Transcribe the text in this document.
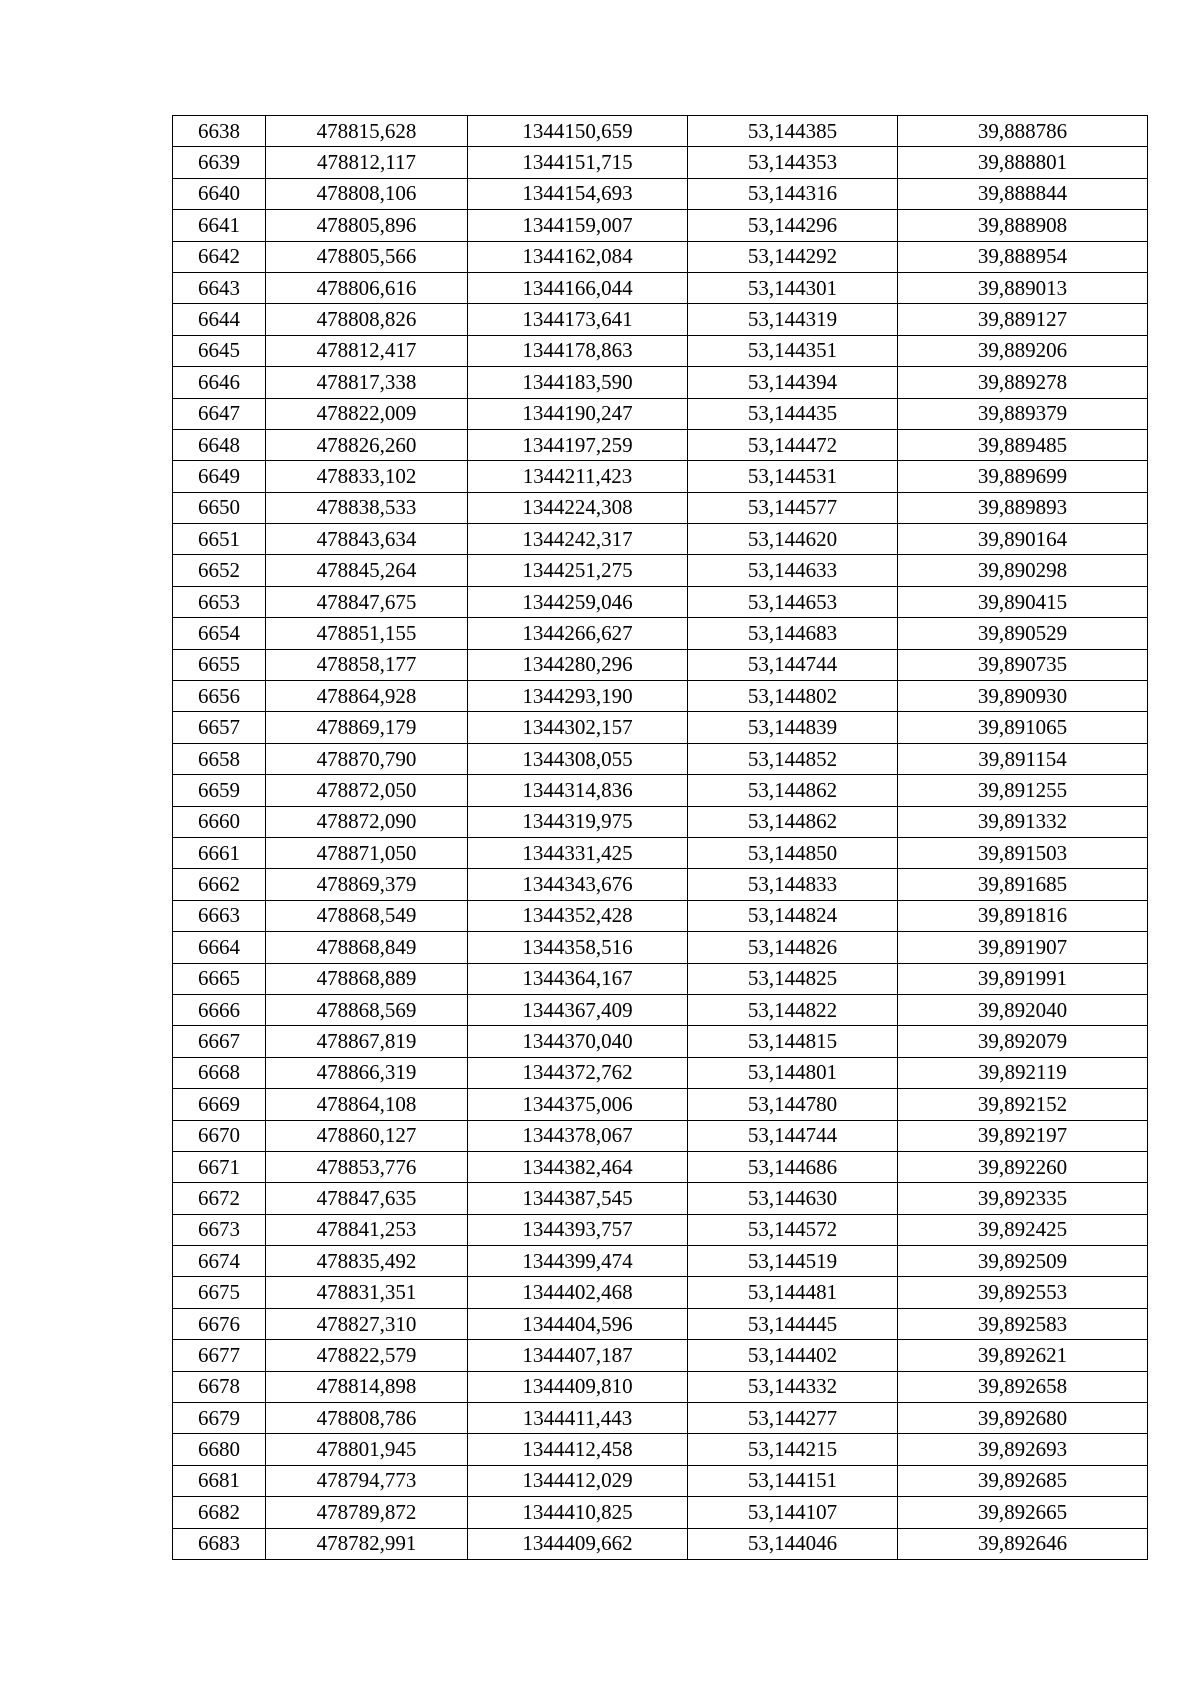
6638	478815,628	1344150,659	53,144385	39,888786
6639	478812,117	1344151,715	53,144353	39,888801
6640	478808,106	1344154,693	53,144316	39,888844
6641	478805,896	1344159,007	53,144296	39,888908
6642	478805,566	1344162,084	53,144292	39,888954
6643	478806,616	1344166,044	53,144301	39,889013
6644	478808,826	1344173,641	53,144319	39,889127
6645	478812,417	1344178,863	53,144351	39,889206
6646	478817,338	1344183,590	53,144394	39,889278
6647	478822,009	1344190,247	53,144435	39,889379
6648	478826,260	1344197,259	53,144472	39,889485
6649	478833,102	1344211,423	53,144531	39,889699
6650	478838,533	1344224,308	53,144577	39,889893
6651	478843,634	1344242,317	53,144620	39,890164
6652	478845,264	1344251,275	53,144633	39,890298
6653	478847,675	1344259,046	53,144653	39,890415
6654	478851,155	1344266,627	53,144683	39,890529
6655	478858,177	1344280,296	53,144744	39,890735
6656	478864,928	1344293,190	53,144802	39,890930
6657	478869,179	1344302,157	53,144839	39,891065
6658	478870,790	1344308,055	53,144852	39,891154
6659	478872,050	1344314,836	53,144862	39,891255
6660	478872,090	1344319,975	53,144862	39,891332
6661	478871,050	1344331,425	53,144850	39,891503
6662	478869,379	1344343,676	53,144833	39,891685
6663	478868,549	1344352,428	53,144824	39,891816
6664	478868,849	1344358,516	53,144826	39,891907
6665	478868,889	1344364,167	53,144825	39,891991
6666	478868,569	1344367,409	53,144822	39,892040
6667	478867,819	1344370,040	53,144815	39,892079
6668	478866,319	1344372,762	53,144801	39,892119
6669	478864,108	1344375,006	53,144780	39,892152
6670	478860,127	1344378,067	53,144744	39,892197
6671	478853,776	1344382,464	53,144686	39,892260
6672	478847,635	1344387,545	53,144630	39,892335
6673	478841,253	1344393,757	53,144572	39,892425
6674	478835,492	1344399,474	53,144519	39,892509
6675	478831,351	1344402,468	53,144481	39,892553
6676	478827,310	1344404,596	53,144445	39,892583
6677	478822,579	1344407,187	53,144402	39,892621
6678	478814,898	1344409,810	53,144332	39,892658
6679	478808,786	1344411,443	53,144277	39,892680
6680	478801,945	1344412,458	53,144215	39,892693
6681	478794,773	1344412,029	53,144151	39,892685
6682	478789,872	1344410,825	53,144107	39,892665
6683	478782,991	1344409,662	53,144046	39,892646
